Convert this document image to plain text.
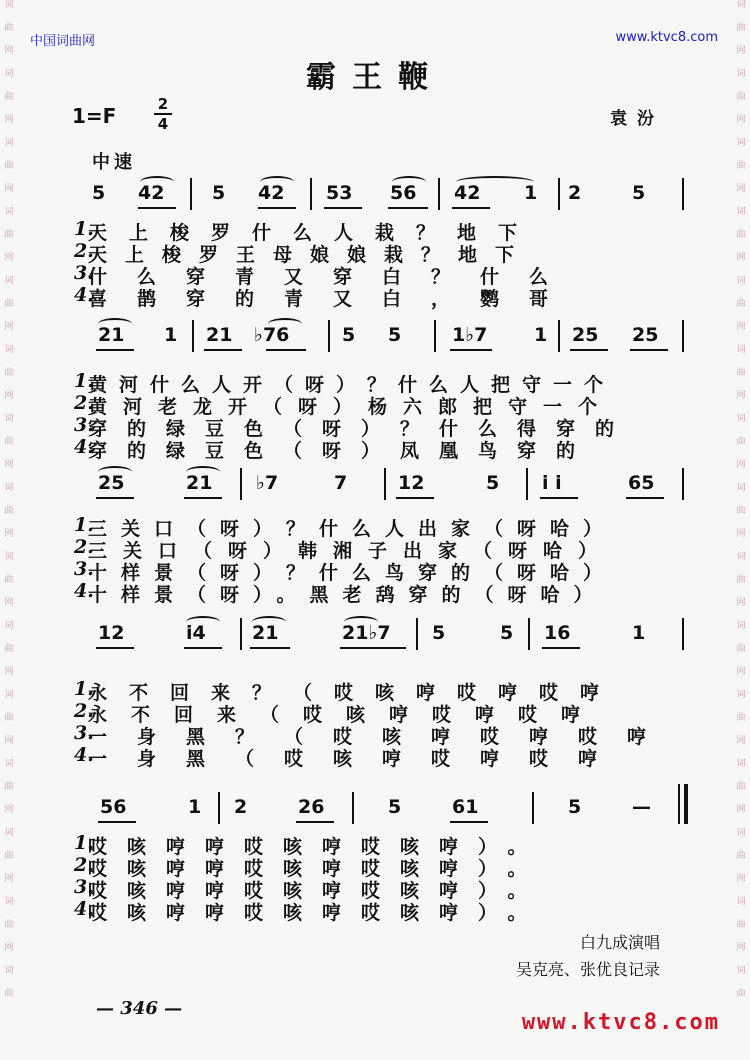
词
曲
网
词
曲
网
词
曲
网
词
曲
网
词
曲
网
词
曲
网
词
曲
网
词
曲
网
词
曲
网
词
曲
网
词
曲
网
词
曲
网
词
曲
网
词
曲
网
词
曲
词
曲
网
词
曲
网
词
曲
网
词
曲
网
词
曲
网
词
曲
网
词
曲
网
词
曲
网
词
曲
网
词
曲
网
词
曲
网
词
曲
网
词
曲
网
词
曲
网
词
曲
中国词曲网	www.ktvc8.com
霸王鞭
1=F	2
4	袁汾
中速
5 42	5 42 53 56 42 1 2	5
1.
天上梭罗什么人栽？地下
2.
天上梭罗王母娘娘栽？地下
3.
什么穿青又穿白？什么
4.
喜鹊穿的青又白，鹦哥
21 1 21 ♭76	5 5	1♭7 1 25 25
1.
黄河什么人开（呀）？什么人把守一个
2.
黄河老龙开（呀）杨六郎把守一个
3.
穿的绿豆色（呀）？什么得穿的
4.
穿的绿豆色（呀）凤凰鸟穿的
25	21 ♭7	7	12	5 i i	65
1.
三关口（呀）？什么人出家（呀哈）
2.
三关口（呀）韩湘子出家（呀哈）
3.
十样景（呀）？什么鸟穿的（呀哈）
4.
十样景（呀）。黑老鸹穿的（呀哈）
12	i4 21	21♭7 5	5 16	1
1.
永不回来？（哎咳哼哎哼哎哼
2.
永不回来（哎咳哼哎哼哎哼
3.
一身黑？（哎咳哼哎哼哎哼
4.
一身黑（哎咳哼哎哼哎哼
56	1 2	26	5	61	5	—
1.
哎咳哼哼哎咳哼哎咳哼）。
2.
哎咳哼哼哎咳哼哎咳哼）。
3.
哎咳哼哼哎咳哼哎咳哼）。
4.
哎咳哼哼哎咳哼哎咳哼）。
白九成演唱
吴克亮、张优良记录
— 346 —
www.ktvc8.com
